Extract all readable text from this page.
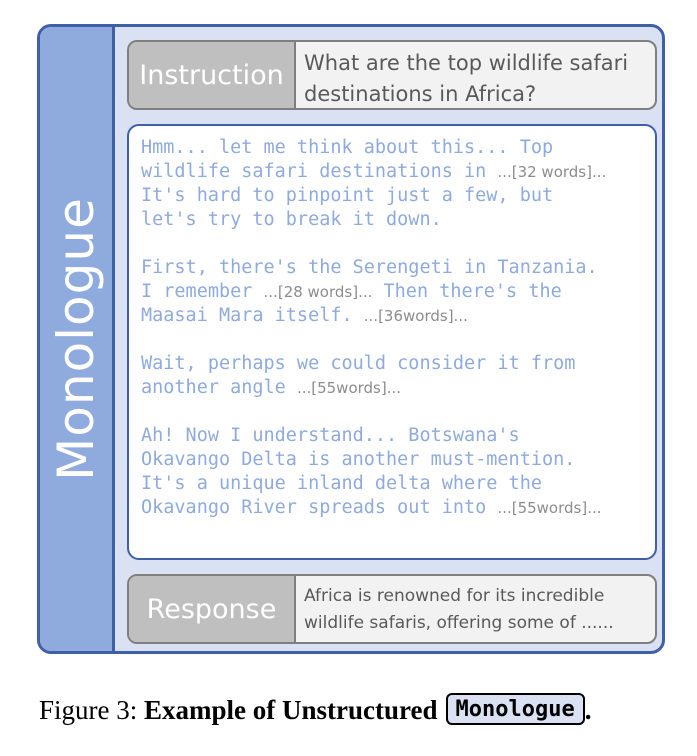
Monologue
Instruction What are the top wildlife safari
destinations in Africa?
Hmm... let me think about this... Top
wildlife safari destinations in ...[32 words]...
It's hard to pinpoint just a few, but
let's try to break it down.
First, there's the Serengeti in Tanzania.
I remember ...[28 words]... Then there's the
Maasai Mara itself. ...[36words]...
Wait, perhaps we could consider it from
another angle ...[55words]...
Ah! Now I understand... Botswana's
Okavango Delta is another must-mention.
It's a unique inland delta where the
Okavango River spreads out into ...[55words]...
Response	Africa is renowned for its incredible
wildlife safaris, offering some of ......
Figure 3: Example of Unstructured Monologue .
